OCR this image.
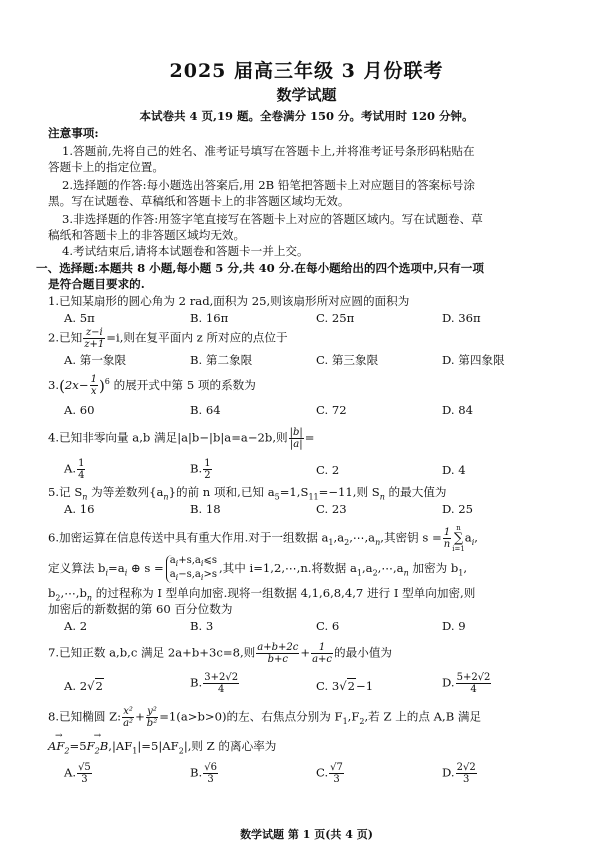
2025 届高三年级 3 月份联考
数学试题
本试卷共 4 页,19 题。全卷满分 150 分。考试用时 120 分钟。
注意事项:
1.答题前,先将自己的姓名、准考证号填写在答题卡上,并将准考证号条形码粘贴在
答题卡上的指定位置。
2.选择题的作答:每小题选出答案后,用 2B 铅笔把答题卡上对应题目的答案标号涂
黑。写在试题卷、草稿纸和答题卡上的非答题区域均无效。
3.非选择题的作答:用签字笔直接写在答题卡上对应的答题区域内。写在试题卷、草
稿纸和答题卡上的非答题区域均无效。
4.考试结束后,请将本试题卷和答题卡一并上交。
一、选择题:本题共 8 小题,每小题 5 分,共 40 分.在每小题给出的四个选项中,只有一项
是符合题目要求的.
1.已知某扇形的圆心角为 2 rad,面积为 25,则该扇形所对应圆的面积为
A. 5π	B. 16π	C. 25π	D. 36π
2.已知 $\frac{z-i}{z+1} =i$,则在复平面内 z 所对应的点位于
A. 第一象限	B. 第二象限	C. 第三象限	D. 第四象限
$3.(2x- \frac{1}{x} )^6$ 的展开式中第 5 项的系数为
A. 60	B. 64	C. 72	D. 84
4.已知非零向量 a,b 满足|a|b−|b|a=a−2b,则 $\frac{|b|}{|a|}$ =
A. $\frac{1}{4}$	B. $\frac{1}{2}$	C. 2	D. 4
5.记 $S_n$ 为等差数列$\{a_n\}$的前 n 项和,已知 $a_5=1,S_{11}=-11$,则 $S_n$ 的最大值为
A. 16	B. 18	C. 23	D. 25
6.加密运算在信息传送中具有重大作用.对于一组数据 $a_1,a_2,\cdots,a_n$,其密钥 $s = \frac{1}{n}$ n
∑
$i=1a_i$,
定义算法 $b_i=a_i$ ⊕ s =
$a_i+s,a_i⩽s$
$a_i-s,a_i>s$ ,其中 i=1,2,⋯,n.将数据 $a_1,a_2,\cdots,a_n$ 加密为 $b_1$,
$b_2,\cdots,b_n$ 的过程称为 I 型单向加密.现将一组数据 4,1,6,8,4,7 进行 I 型单向加密,则
加密后的新数据的第 60 百分位数为
A. 2	B. 3	C. 6	D. 9
7.已知正数 a,b,c 满足 2a+b+3c=8,则 $\frac{a+b+2c}{b+c} + \frac{1}{a+c}$ 的最小值为
A. 2√2	B. $\frac{3+2√2}{4}$	C. 3√2−1	D. $\frac{5+2√2}{4}$
8.已知椭圆 Z: $\frac{\text{x²}}{\text{a²}} + \frac{\text{y²}}{\text{b²}} =1(a>b>0)$的左、右焦点分别为 $F_1,F_2$,若 Z 上的点 A,B 满足
→ $AF_2=5\to F_2B,|AF_1|=5|AF_2|$,则 Z 的离心率为
A. $\frac{√5}{3}$	B. $\frac{√6}{3}$	C. $\frac{√7}{3}$	D. $\frac{2√2}{3}$
数学试题 第 1 页(共 4 页)
